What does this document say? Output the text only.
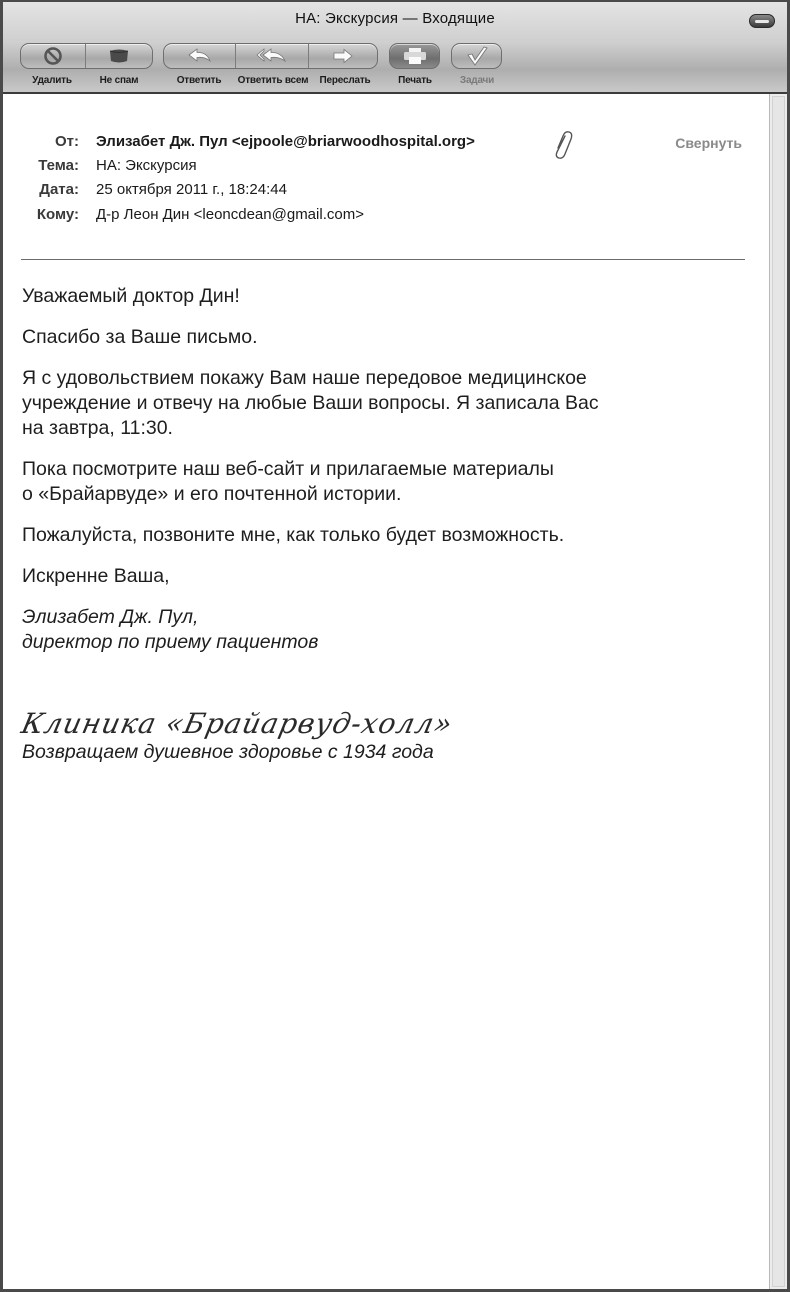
НА: Экскурсия — Входящие
Удалить	Не спам	Ответить Ответить всем Переслать	Печать	Задачи
От: Элизабет Дж. Пул <ejpoole@briarwoodhospital.org>
Тема: НА: Экскурсия
Дата: 25 октября 2011 г., 18:24:44
Кому: Д-р Леон Дин <leoncdean@gmail.com>
Свернуть

Уважаемый доктор Дин!

Спасибо за Ваше письмо.

Я с удовольствием покажу Вам наше передовое медицинское
учреждение и отвечу на любые Ваши вопросы. Я записала Вас
на завтра, 11:30.

Пока посмотрите наш веб-сайт и прилагаемые материалы
о «Брайарвуде» и его почтенной истории.

Пожалуйста, позвоните мне, как только будет возможность.

Искренне Ваша,

Элизабет Дж. Пул,
директор по приему пациентов

Клиника «Брайарвуд-холл»
Возвращаем душевное здоровье с 1934 года
